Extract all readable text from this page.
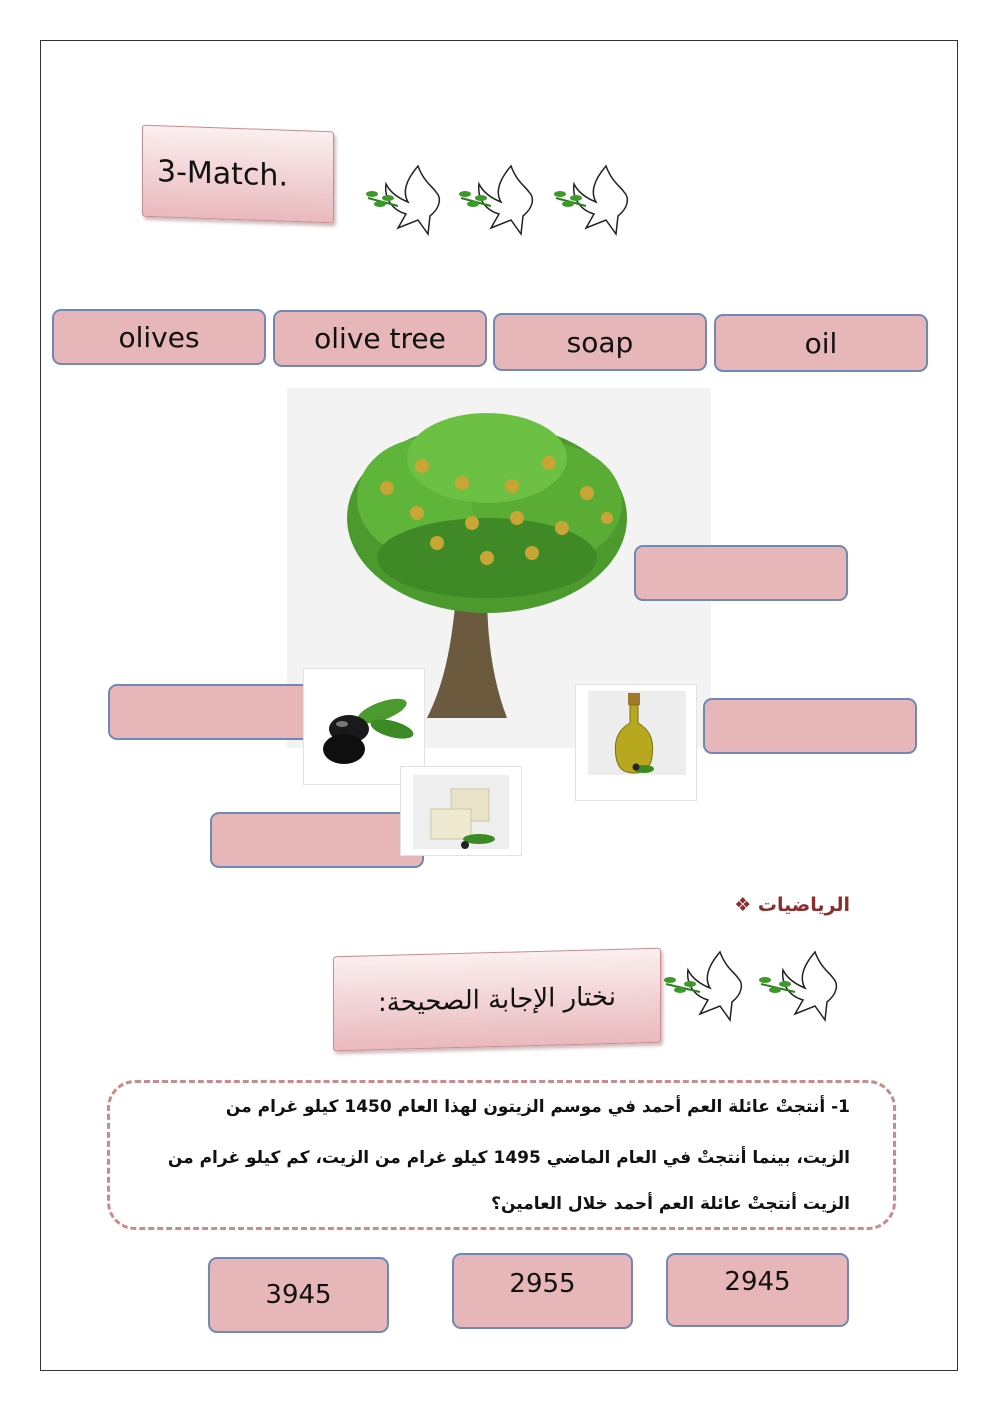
3-Match.
olives	olive tree	soap	oil
الرياضيات ❖
نختار الإجابة الصحيحة:
1- أنتجتْ عائلة العم أحمد في موسم الزيتون لهذا العام 1450 كيلو غرام من
الزيت، بينما أنتجتْ في العام الماضي 1495 كيلو غرام من الزيت، كم كيلو غرام من
الزيت أنتجتْ عائلة العم أحمد خلال العامين؟
3945	2955	2945
